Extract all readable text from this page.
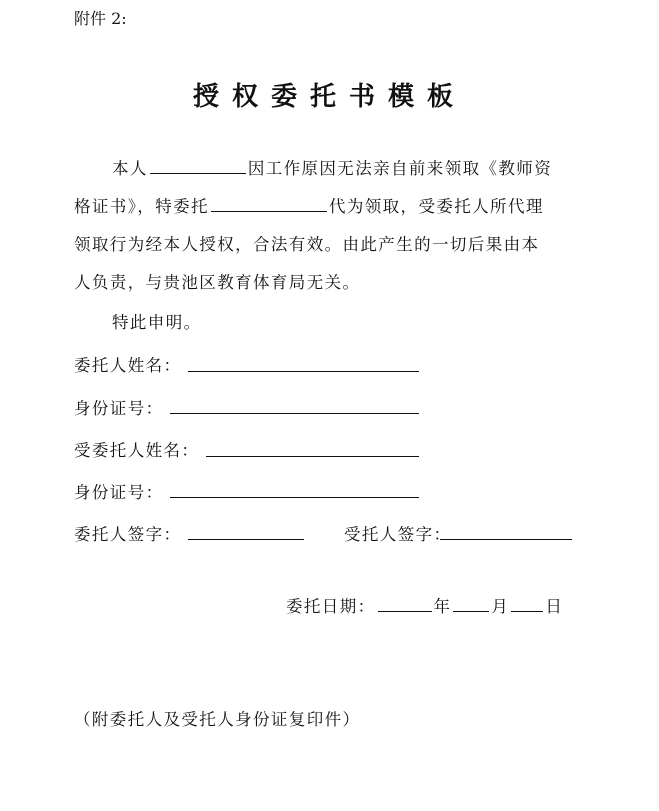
附件 2:
授权委托书模板
本人	因工作原因无法亲自前来领取《教师资
格证书》，特委托	代为领取，受委托人所代理
领取行为经本人授权，合法有效。由此产生的一切后果由本
人负责，与贵池区教育体育局无关。
特此申明。
委托人姓名：
身份证号：
受委托人姓名：
身份证号：
委托人签字：	受托人签字：
委托日期：	年 月 日
（附委托人及受托人身份证复印件）
